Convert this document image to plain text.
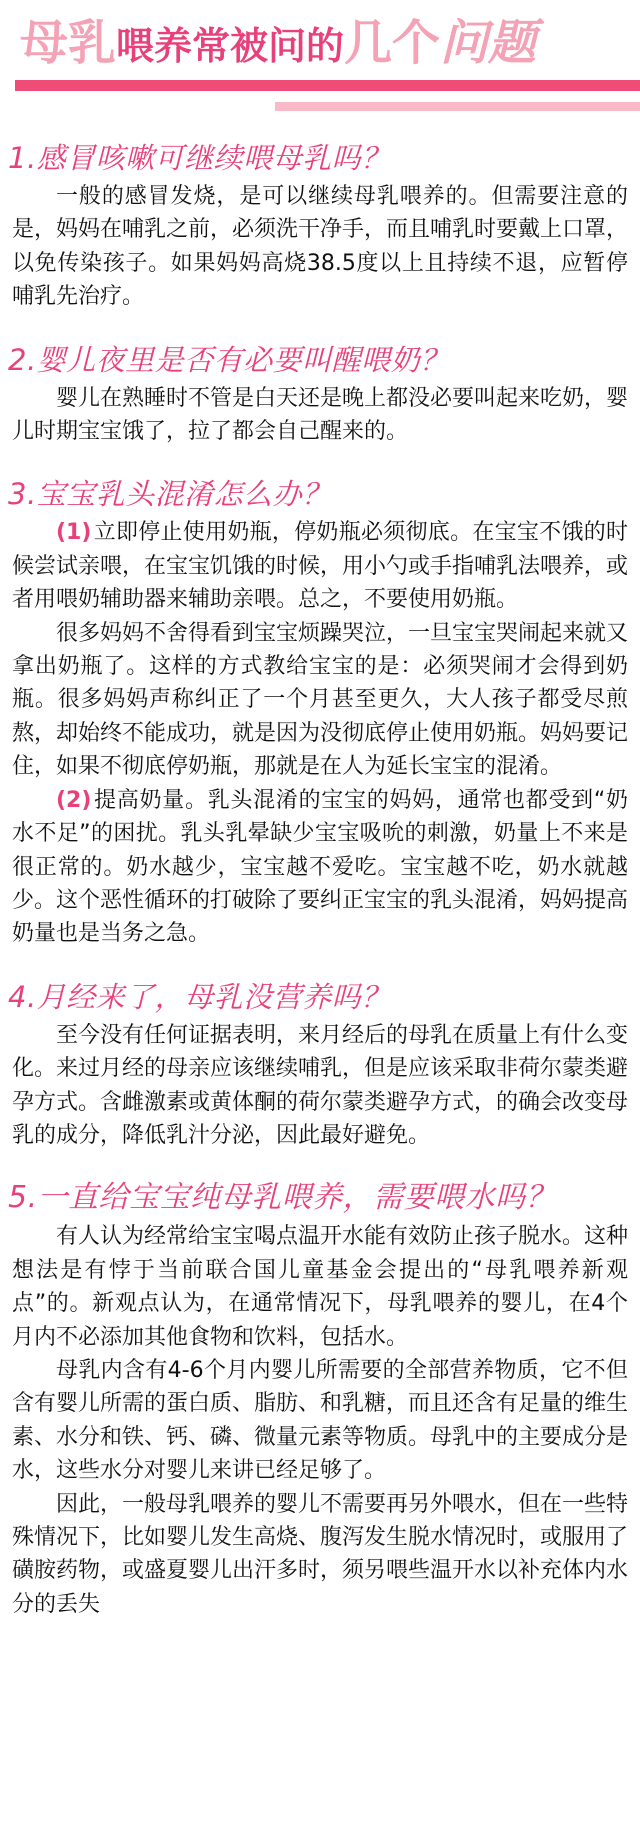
母乳喂养常被问的几个问题
1.感冒咳嗽可继续喂母乳吗？

一般的感冒发烧，是可以继续母乳喂养的。但需要注意的是，妈妈在哺乳之前，必须洗干净手，而且哺乳时要戴上口罩，以免传染孩子。如果妈妈高烧38.5度以上且持续不退，应暂停哺乳先治疗。

2.婴儿夜里是否有必要叫醒喂奶？

婴儿在熟睡时不管是白天还是晚上都没必要叫起来吃奶，婴儿时期宝宝饿了，拉了都会自己醒来的。

3.宝宝乳头混淆怎么办？

(1)立即停止使用奶瓶，停奶瓶必须彻底。在宝宝不饿的时候尝试亲喂，在宝宝饥饿的时候，用小勺或手指哺乳法喂养，或者用喂奶辅助器来辅助亲喂。总之，不要使用奶瓶。

很多妈妈不舍得看到宝宝烦躁哭泣，一旦宝宝哭闹起来就又拿出奶瓶了。这样的方式教给宝宝的是：必须哭闹才会得到奶瓶。很多妈妈声称纠正了一个月甚至更久，大人孩子都受尽煎熬，却始终不能成功，就是因为没彻底停止使用奶瓶。妈妈要记住，如果不彻底停奶瓶，那就是在人为延长宝宝的混淆。

(2)提高奶量。乳头混淆的宝宝的妈妈，通常也都受到“奶水不足”的困扰。乳头乳晕缺少宝宝吸吮的刺激，奶量上不来是很正常的。奶水越少，宝宝越不爱吃。宝宝越不吃，奶水就越少。这个恶性循环的打破除了要纠正宝宝的乳头混淆，妈妈提高奶量也是当务之急。

4.月经来了，母乳没营养吗？

至今没有任何证据表明，来月经后的母乳在质量上有什么变化。来过月经的母亲应该继续哺乳，但是应该采取非荷尔蒙类避孕方式。含雌激素或黄体酮的荷尔蒙类避孕方式，的确会改变母乳的成分，降低乳汁分泌，因此最好避免。

5.一直给宝宝纯母乳喂养，需要喂水吗？

有人认为经常给宝宝喝点温开水能有效防止孩子脱水。这种想法是有悖于当前联合国儿童基金会提出的“母乳喂养新观点”的。新观点认为，在通常情况下，母乳喂养的婴儿，在4个月内不必添加其他食物和饮料，包括水。

母乳内含有4-6个月内婴儿所需要的全部营养物质，它不但含有婴儿所需的蛋白质、脂肪、和乳糖，而且还含有足量的维生素、水分和铁、钙、磷、微量元素等物质。母乳中的主要成分是水，这些水分对婴儿来讲已经足够了。

因此，一般母乳喂养的婴儿不需要再另外喂水，但在一些特殊情况下，比如婴儿发生高烧、腹泻发生脱水情况时，或服用了磺胺药物，或盛夏婴儿出汗多时，须另喂些温开水以补充体内水分的丢失
